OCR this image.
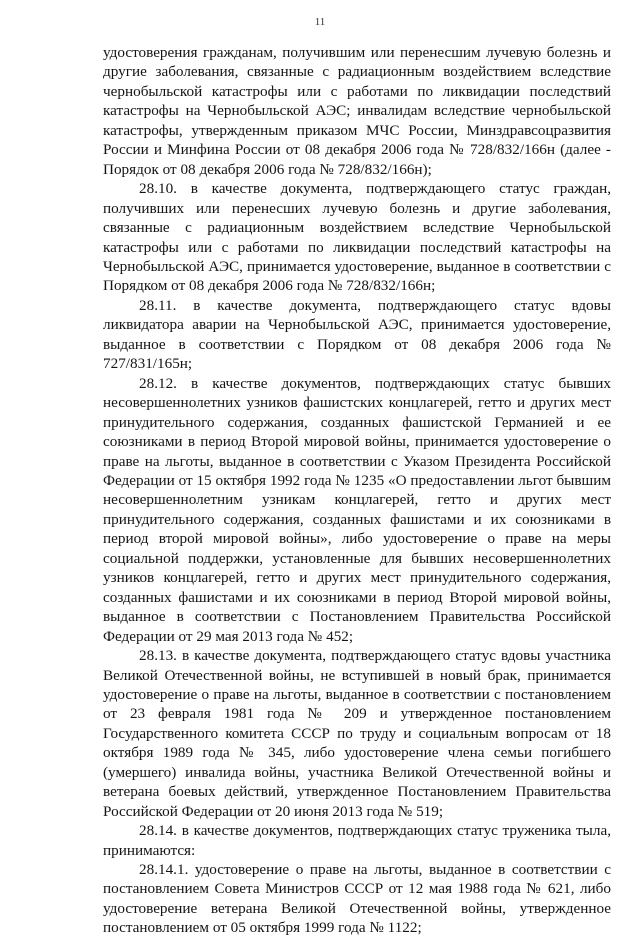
11

удостоверения гражданам, получившим или перенесшим лучевую болезнь и другие заболевания, связанные с радиационным воздействием вследствие чернобыльской катастрофы или с работами по ликвидации последствий катастрофы на Чернобыльской АЭС; инвалидам вследствие чернобыльской катастрофы, утвержденным приказом МЧС России, Минздравсоцразвития России и Минфина России от 08 декабря 2006 года № 728/832/166н (далее - Порядок от 08 декабря 2006 года № 728/832/166н);

28.10. в качестве документа, подтверждающего статус граждан, получивших или перенесших лучевую болезнь и другие заболевания, связанные с радиационным воздействием вследствие Чернобыльской катастрофы или с работами по ликвидации последствий катастрофы на Чернобыльской АЭС, принимается удостоверение, выданное в соответствии с Порядком от 08 декабря 2006 года № 728/832/166н;

28.11. в качестве документа, подтверждающего статус вдовы ликвидатора аварии на Чернобыльской АЭС, принимается удостоверение, выданное в соответствии с Порядком от 08 декабря 2006 года № 727/831/165н;

28.12. в качестве документов, подтверждающих статус бывших несовершеннолетних узников фашистских концлагерей, гетто и других мест принудительного содержания, созданных фашистской Германией и ее союзниками в период Второй мировой войны, принимается удостоверение о праве на льготы, выданное в соответствии с Указом Президента Российской Федерации от 15 октября 1992 года № 1235 «О предоставлении льгот бывшим несовершеннолетним узникам концлагерей, гетто и других мест принудительного содержания, созданных фашистами и их союзниками в период второй мировой войны», либо удостоверение о праве на меры социальной поддержки, установленные для бывших несовершеннолетних узников концлагерей, гетто и других мест принудительного содержания, созданных фашистами и их союзниками в период Второй мировой войны, выданное в соответствии с Постановлением Правительства Российской Федерации от 29 мая 2013 года № 452;

28.13. в качестве документа, подтверждающего статус вдовы участника Великой Отечественной войны, не вступившей в новый брак, принимается удостоверение о праве на льготы, выданное в соответствии с постановлением от 23 февраля 1981 года № 209 и утвержденное постановлением Государственного комитета СССР по труду и социальным вопросам от 18 октября 1989 года № 345, либо удостоверение члена семьи погибшего (умершего) инвалида войны, участника Великой Отечественной войны и ветерана боевых действий, утвержденное Постановлением Правительства Российской Федерации от 20 июня 2013 года № 519;

28.14. в качестве документов, подтверждающих статус труженика тыла, принимаются:

28.14.1. удостоверение о праве на льготы, выданное в соответствии с постановлением Совета Министров СССР от 12 мая 1988 года № 621, либо удостоверение ветерана Великой Отечественной войны, утвержденное постановлением от 05 октября 1999 года № 1122;
